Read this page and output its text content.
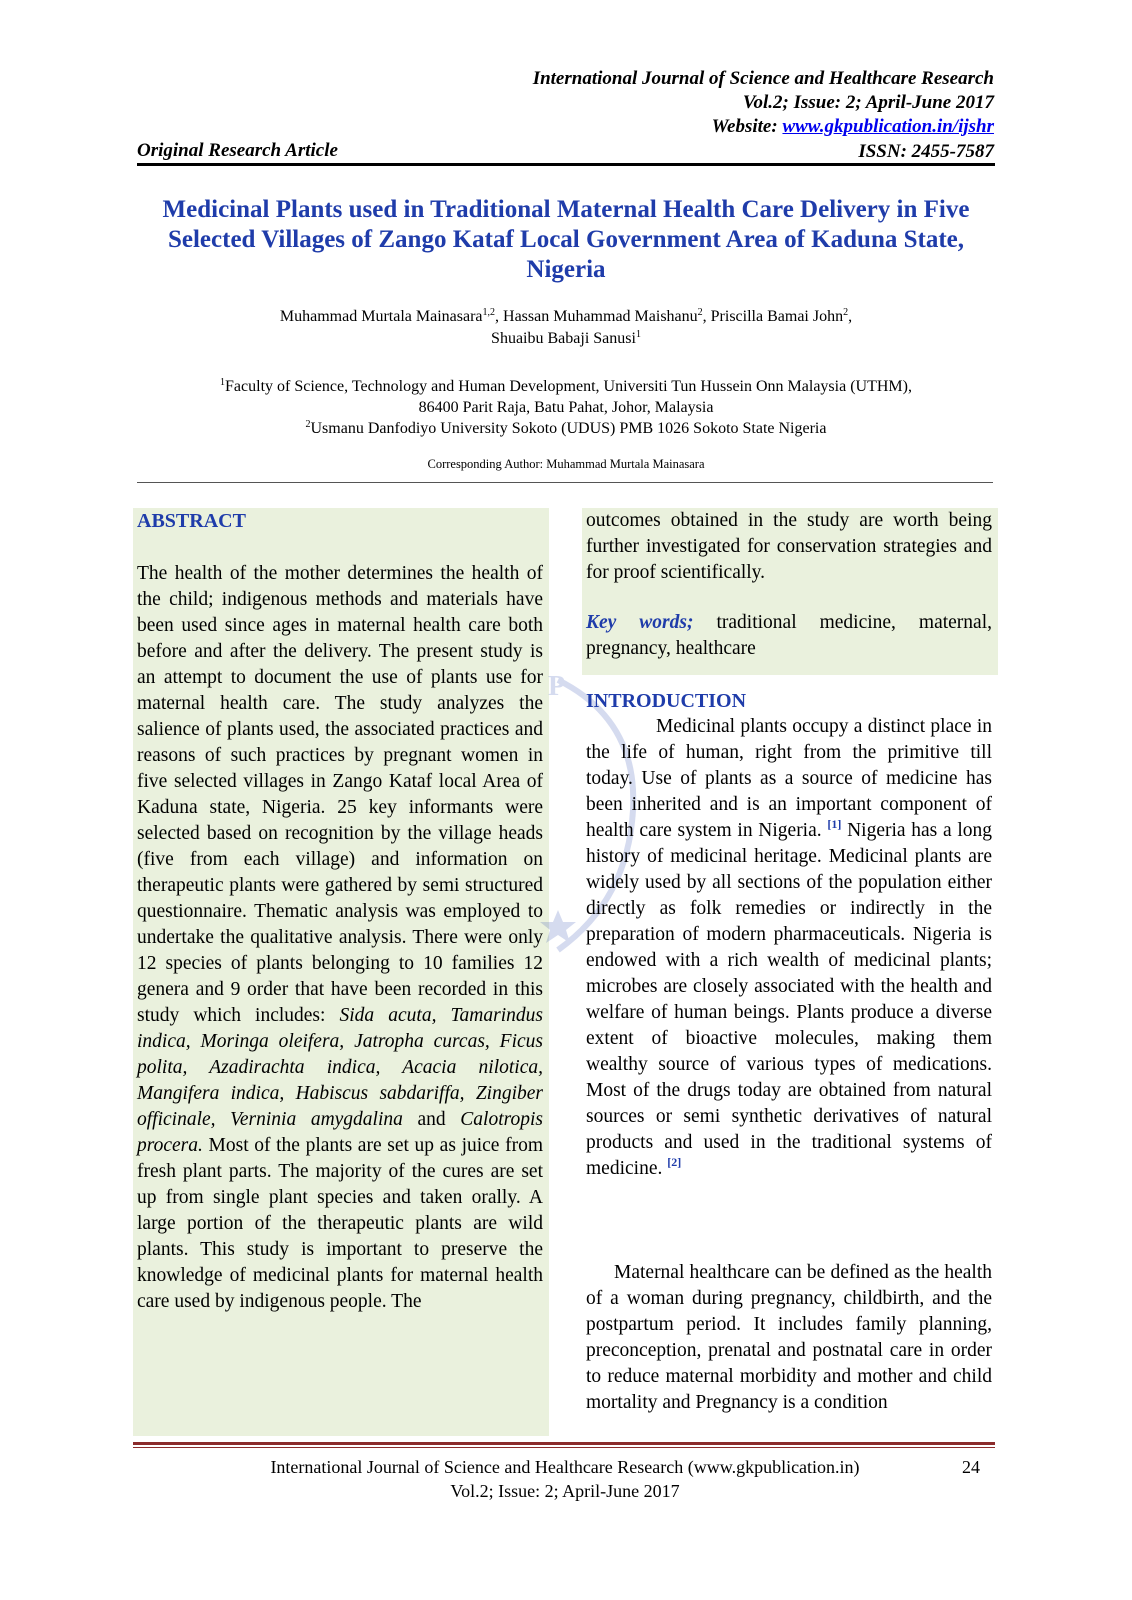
International Journal of Science and Healthcare Research
Vol.2; Issue: 2; April-June 2017
Website: www.gkpublication.in/ijshr
Original Research Article	ISSN: 2455-7587
Medicinal Plants used in Traditional Maternal Health Care Delivery in Five Selected Villages of Zango Kataf Local Government Area of Kaduna State, Nigeria
Muhammad Murtala Mainasara$^{1,2}$, Hassan Muhammad Maishanu$^2$, Priscilla Bamai John$^2$,
Shuaibu Babaji Sanusi$^1$
$^1$Faculty of Science, Technology and Human Development, Universiti Tun Hussein Onn Malaysia (UTHM),
86400 Parit Raja, Batu Pahat, Johor, Malaysia
$^2$Usmanu Danfodiyo University Sokoto (UDUS) PMB 1026 Sokoto State Nigeria
Corresponding Author: Muhammad Murtala Mainasara
P
ABSTRACT

The health of the mother determines the health of the child; indigenous methods and materials have been used since ages in maternal health care both before and after the delivery. The present study is an attempt to document the use of plants use for maternal health care. The study analyzes the salience of plants used, the associated practices and reasons of such practices by pregnant women in five selected villages in Zango Kataf local Area of Kaduna state, Nigeria. 25 key informants were selected based on recognition by the village heads (five from each village) and information on therapeutic plants were gathered by semi structured questionnaire. Thematic analysis was employed to undertake the qualitative analysis. There were only 12 species of plants belonging to 10 families 12 genera and 9 order that have been recorded in this study which includes: Sida acuta, Tamarindus indica, Moringa oleifera, Jatropha curcas, Ficus polita, Azadirachta indica, Acacia nilotica, Mangifera indica, Habiscus sabdariffa, Zingiber officinale, Verninia amygdalina and Calotropis procera. Most of the plants are set up as juice from fresh plant parts. The majority of the cures are set up from single plant species and taken orally. A large portion of the therapeutic plants are wild plants. This study is important to preserve the knowledge of medicinal plants for maternal health care used by indigenous people. The

outcomes obtained in the study are worth being further investigated for conservation strategies and for proof scientifically.

Key words; traditional medicine, maternal, pregnancy, healthcare

INTRODUCTION

Medicinal plants occupy a distinct place in the life of human, right from the primitive till today. Use of plants as a source of medicine has been inherited and is an important component of health care system in Nigeria. [1] Nigeria has a long history of medicinal heritage. Medicinal plants are widely used by all sections of the population either directly as folk remedies or indirectly in the preparation of modern pharmaceuticals. Nigeria is endowed with a rich wealth of medicinal plants; microbes are closely associated with the health and welfare of human beings. Plants produce a diverse extent of bioactive molecules, making them wealthy source of various types of medications. Most of the drugs today are obtained from natural sources or semi synthetic derivatives of natural products and used in the traditional systems of medicine. [2]

Maternal healthcare can be defined as the health of a woman during pregnancy, childbirth, and the postpartum period. It includes family planning, preconception, prenatal and postnatal care in order to reduce maternal morbidity and mother and child mortality and Pregnancy is a condition

International Journal of Science and Healthcare Research (www.gkpublication.in)
Vol.2; Issue: 2; April-June 2017
24
